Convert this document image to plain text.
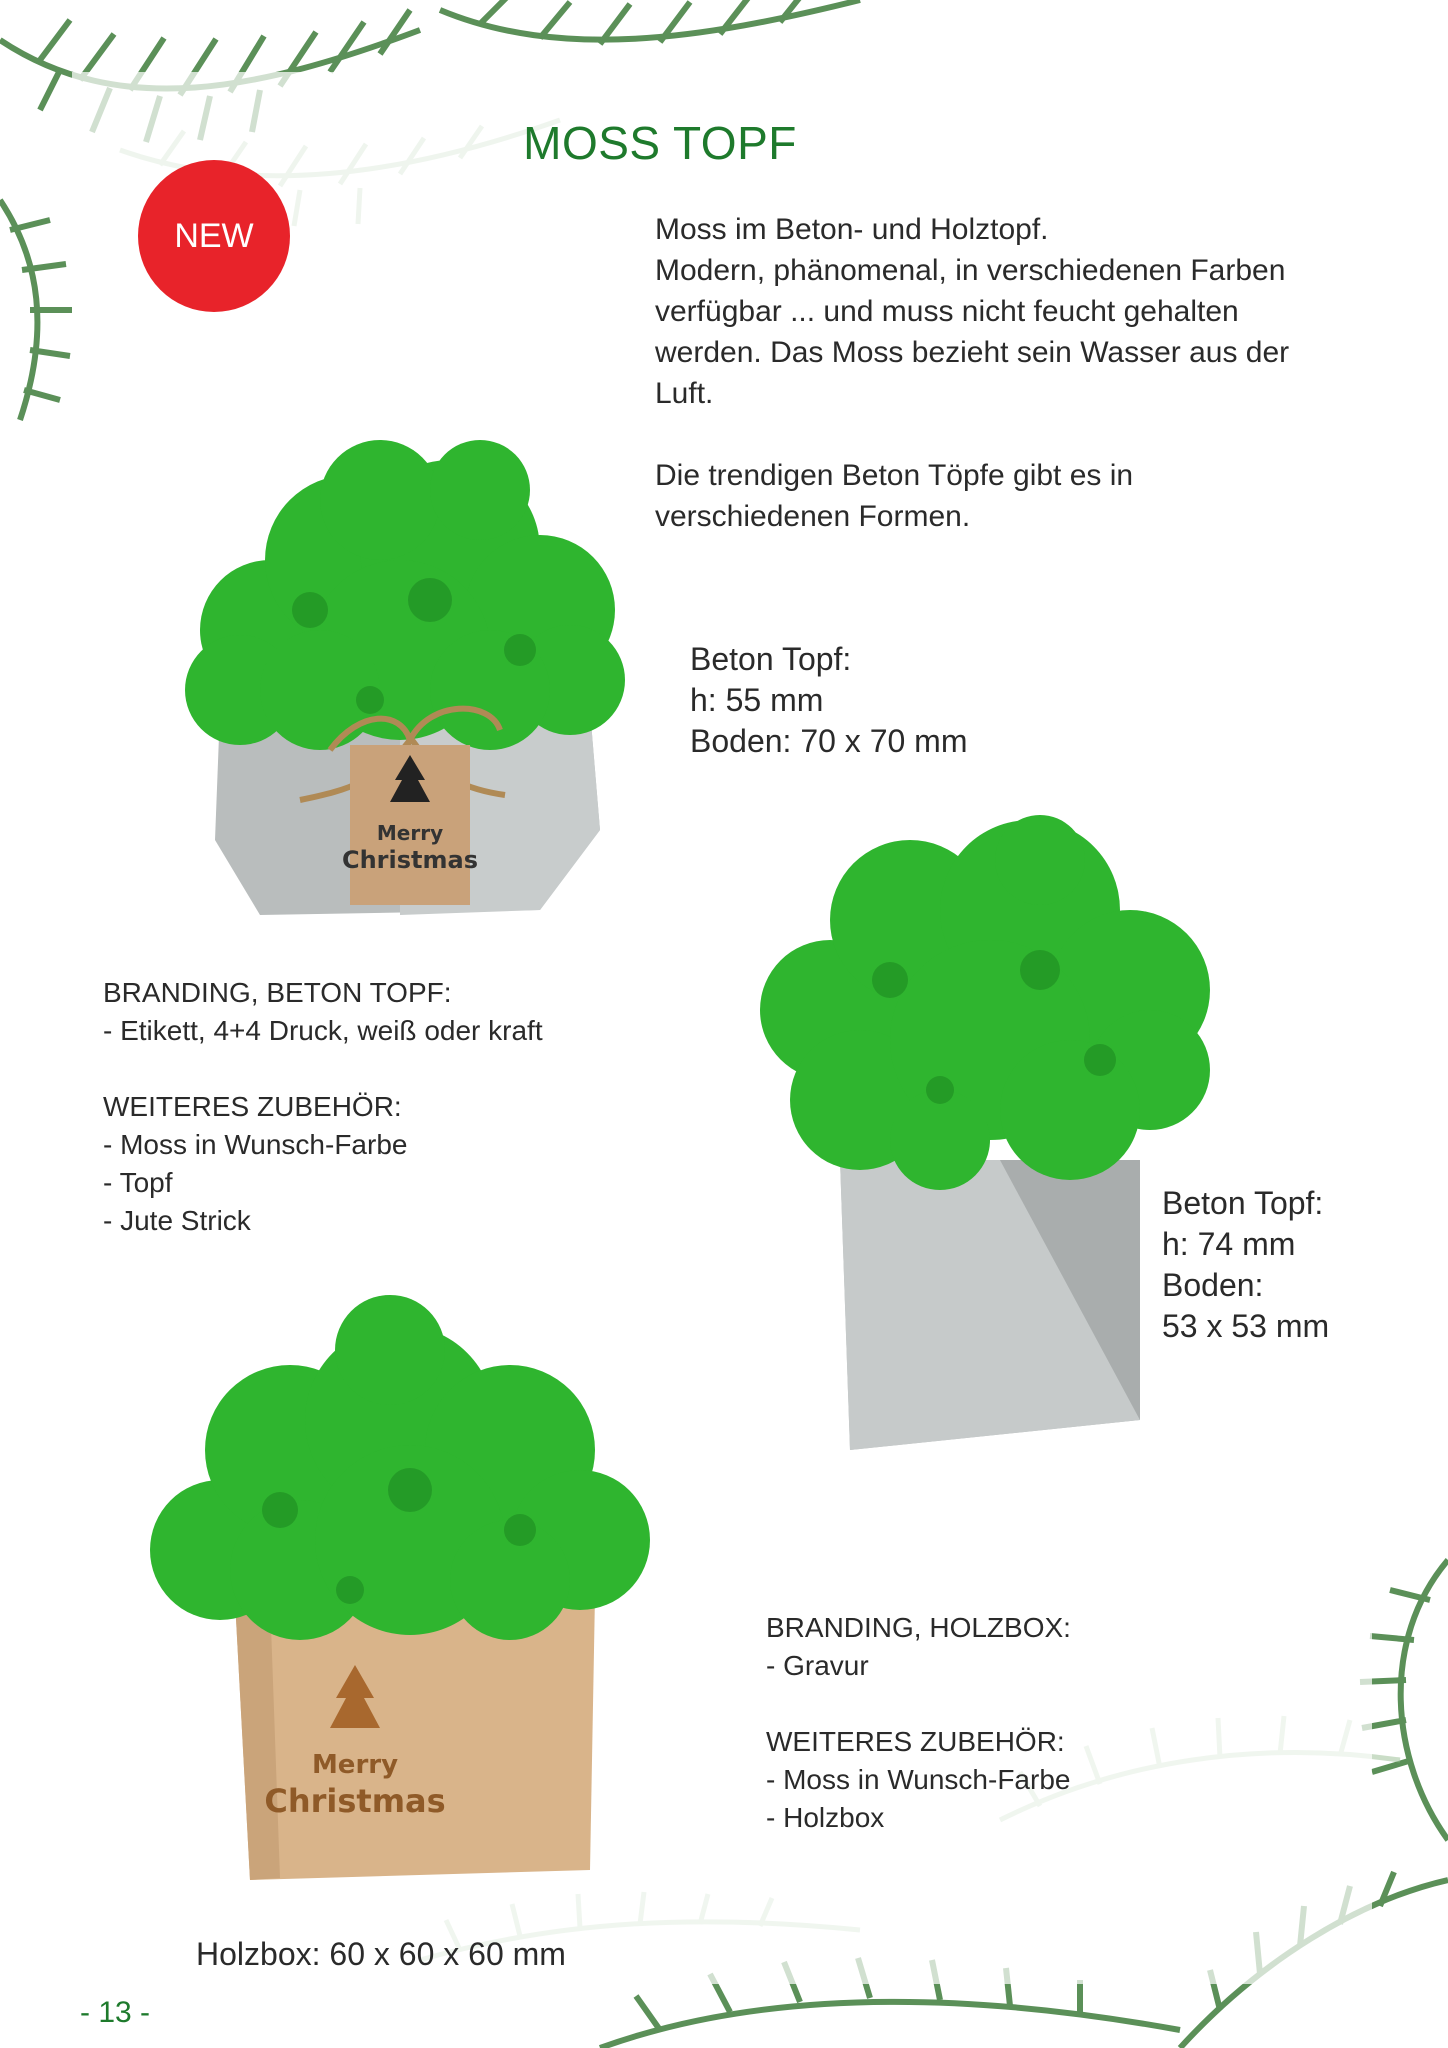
MOSS TOPF
NEW	Moss im Beton- und Holztopf.
Modern, phänomenal, in verschiedenen Farben
verfügbar ... und muss nicht feucht gehalten
werden. Das Moss bezieht sein Wasser aus der
Luft.

Die trendigen Beton Töpfe gibt es in
verschiedenen Formen.
Merry
Christmas
Beton Topf:
h: 55 mm
Boden: 70 x 70 mm
Beton Topf:
h: 74 mm
Boden:
53 x 53 mm
BRANDING, BETON TOPF:
- Etikett, 4+4 Druck, weiß oder kraft
WEITERES ZUBEHÖR:
- Moss in Wunsch-Farbe
- Topf
- Jute Strick
Merry
Christmas
BRANDING, HOLZBOX:
- Gravur
WEITERES ZUBEHÖR:
- Moss in Wunsch-Farbe
- Holzbox
Holzbox: 60 x 60 x 60 mm
- 13 -
